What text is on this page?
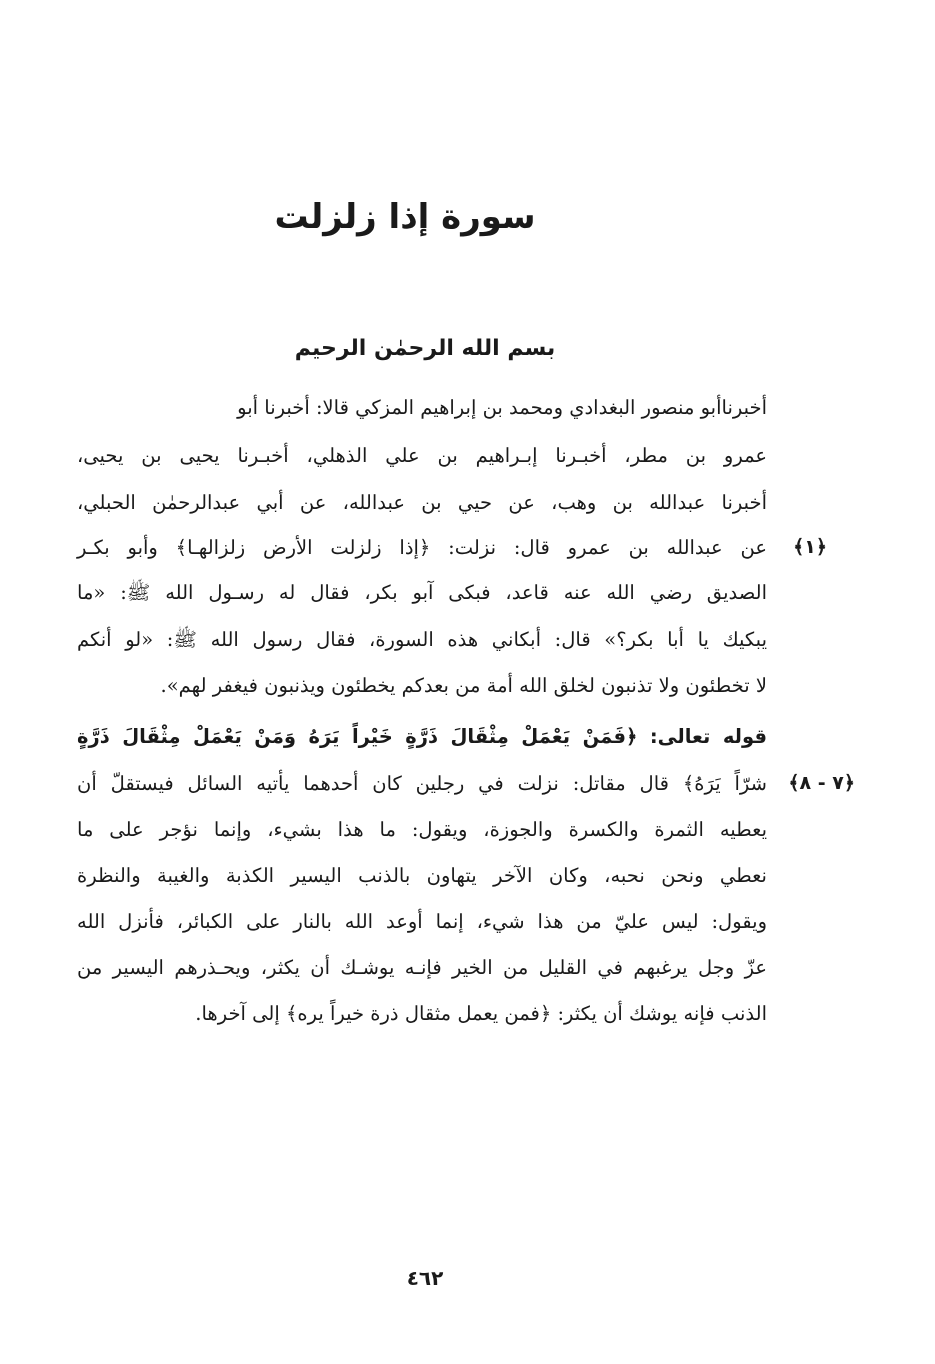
سورة إذا زلزلت
بسم الله الرحمٰن الرحيم
أخبرناأبو منصور البغدادي ومحمد بن إبراهيم المزكي قالا: أخبرنا أبو
عمرو بن مطر، أخبـرنا إبـراهيم بن علي الذهلي، أخبـرنا يحيى بن يحيى،
أخبرنا عبدالله بن وهب، عن حيي بن عبدالله، عن أبي عبدالرحمٰن الحبلي،
﴿١﴾
عن عبدالله بن عمرو قال: نزلت: ﴿إذا زلزلت الأرض زلزالهـا﴾ وأبو بكـر
الصديق رضي الله عنه قاعد، فبكى آبو بكر، فقال له رسـول الله ﷺ: «ما
يبكيك يا أبا بكر؟» قال: أبكاني هذه السورة، فقال رسول الله ﷺ: «لو أنكم
لا تخطئون ولا تذنبون لخلق الله أمة من بعدكم يخطئون ويذنبون فيغفر لهم».
قوله تعالى: ﴿فَمَنْ يَعْمَلْ مِثْقَالَ ذَرَّةٍ خَيْراً يَرَهُ وَمَنْ يَعْمَلْ مِثْقَالَ ذَرَّةٍ
﴿٧ - ٨﴾
شرّاً يَرَهُ﴾ قال مقاتل: نزلت في رجلين كان أحدهما يأتيه السائل فيستقلّ أن
يعطيه الثمرة والكسرة والجوزة، ويقول: ما هذا بشيء، وإنما نؤجر على ما
نعطي ونحن نحبه، وكان الآخر يتهاون بالذنب اليسير الكذبة والغيبة والنظرة
ويقول: ليس عليّ من هذا شيء، إنما أوعد الله بالنار على الكبائر، فأنزل الله
عزّ وجل يرغبهم في القليل من الخير فإنـه يوشـك أن يكثر، ويحـذرهم اليسير من
الذنب فإنه يوشك أن يكثر: ﴿فمن يعمل مثقال ذرة خيراً يره﴾ إلى آخرها.
٤٦٢
